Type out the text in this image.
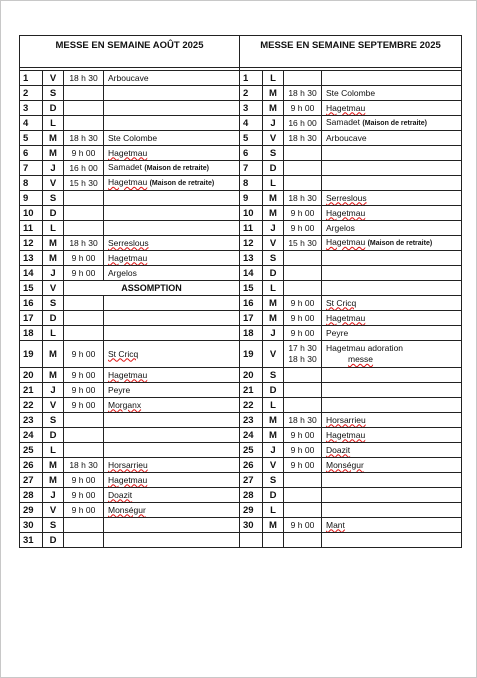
MESSE EN SEMAINE AOÛT 2025				MESSE EN SEMAINE SEPTEMBRE 2025			

1	V	18 h 30	Arbоucave	1	L		
2	S			2	M	18 h 30	Ste Colombe
3	D			3	M	9 h 00	Hagetmau
4	L			4	J	16 h 00	Samadet (Maison de retraite)
5	M	18 h 30	Ste Colombe	5	V	18 h 30	Arboucave
6	M	9 h 00	Hagetmau	6	S		
7	J	16 h 00	Samadet (Maison de retraite)	7	D		
8	V	15 h 30	Hagetmau (Maison de retraite)	8	L		
9	S			9	M	18 h 30	Serreslous
10	D			10	M	9 h 00	Hagetmau
11	L			11	J	9 h 00	Argelos
12	M	18 h 30	Serreslous	12	V	15 h 30	Hagetmau (Maison de retraite)
13	M	9 h 00	Hagetmau	13	S		
14	J	9 h 00	Argelos	14	D		
15	V	ASSOMPTION		15	L		
16	S			16	M	9 h 00	St Cricq
17	D			17	M	9 h 00	Hagetmau
18	L			18	J	9 h 00	Peyre
19	M	9 h 00	St Cricq	19	V	17 h 30
18 h 30	Hagetmau adoration
messe

20	M	9 h 00	Hagetmau	20	S		
21	J	9 h 00	Peyre	21	D		
22	V	9 h 00	Morganx	22	L		
23	S			23	M	18 h 30	Horsarrieu
24	D			24	M	9 h 00	Hagetmau
25	L			25	J	9 h 00	Doazit
26	M	18 h 30	Horsarrieu	26	V	9 h 00	Monségur
27	M	9 h 00	Hagetmau	27	S		
28	J	9 h 00	Doazit	28	D		
29	V	9 h 00	Monségur	29	L		
30	S			30	M	9 h 00	Mant
31	D						
